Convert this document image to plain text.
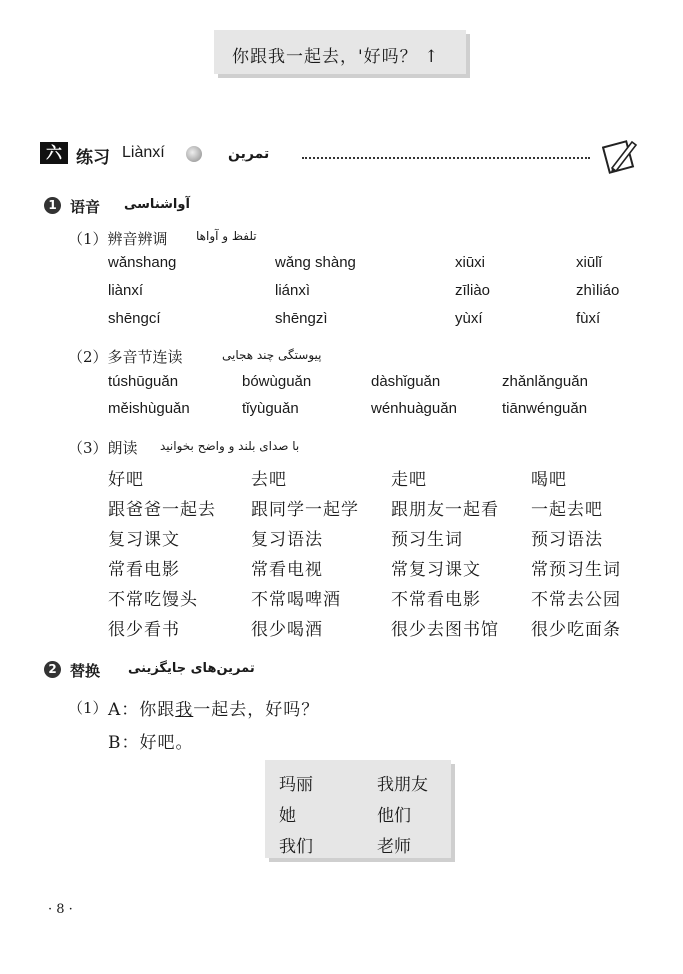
你跟我一起去，'好吗？ ↑
六 练习 Liànxí	تمرین
1 语音 آواشناسی
（1）辨音辨调 تلفظ و آواها
wǎnshang	wǎng shàng	xiūxi	xiūlǐ
liànxí	liánxì	zīliào	zhìliáo
shēngcí	shēngzì	yùxí	fùxí
（2）多音节连读	پیوستگی چند هجایی
túshūguǎn	bówùguǎn	dàshǐguǎn	zhǎnlǎnguǎn
měishùguǎn	tǐyùguǎn	wénhuàguǎn	tiānwénguǎn
（3）朗读 با صدای بلند و واضح بخوانید
好吧	去吧	走吧	喝吧
跟爸爸一起去 跟同学一起学 跟朋友一起看 一起去吧
复习课文	复习语法	预习生词	预习语法
常看电影	常看电视	常复习课文	常预习生词
不常吃馒头	不常喝啤酒	不常看电影	不常去公园
很少看书	很少喝酒	很少去图书馆 很少吃面条
2 替换 تمرین‌های جایگزینی
（1） A：你跟我一起去，好吗？
B：好吧。
玛丽	我朋友
她	他们
我们	老师
· 8 ·
